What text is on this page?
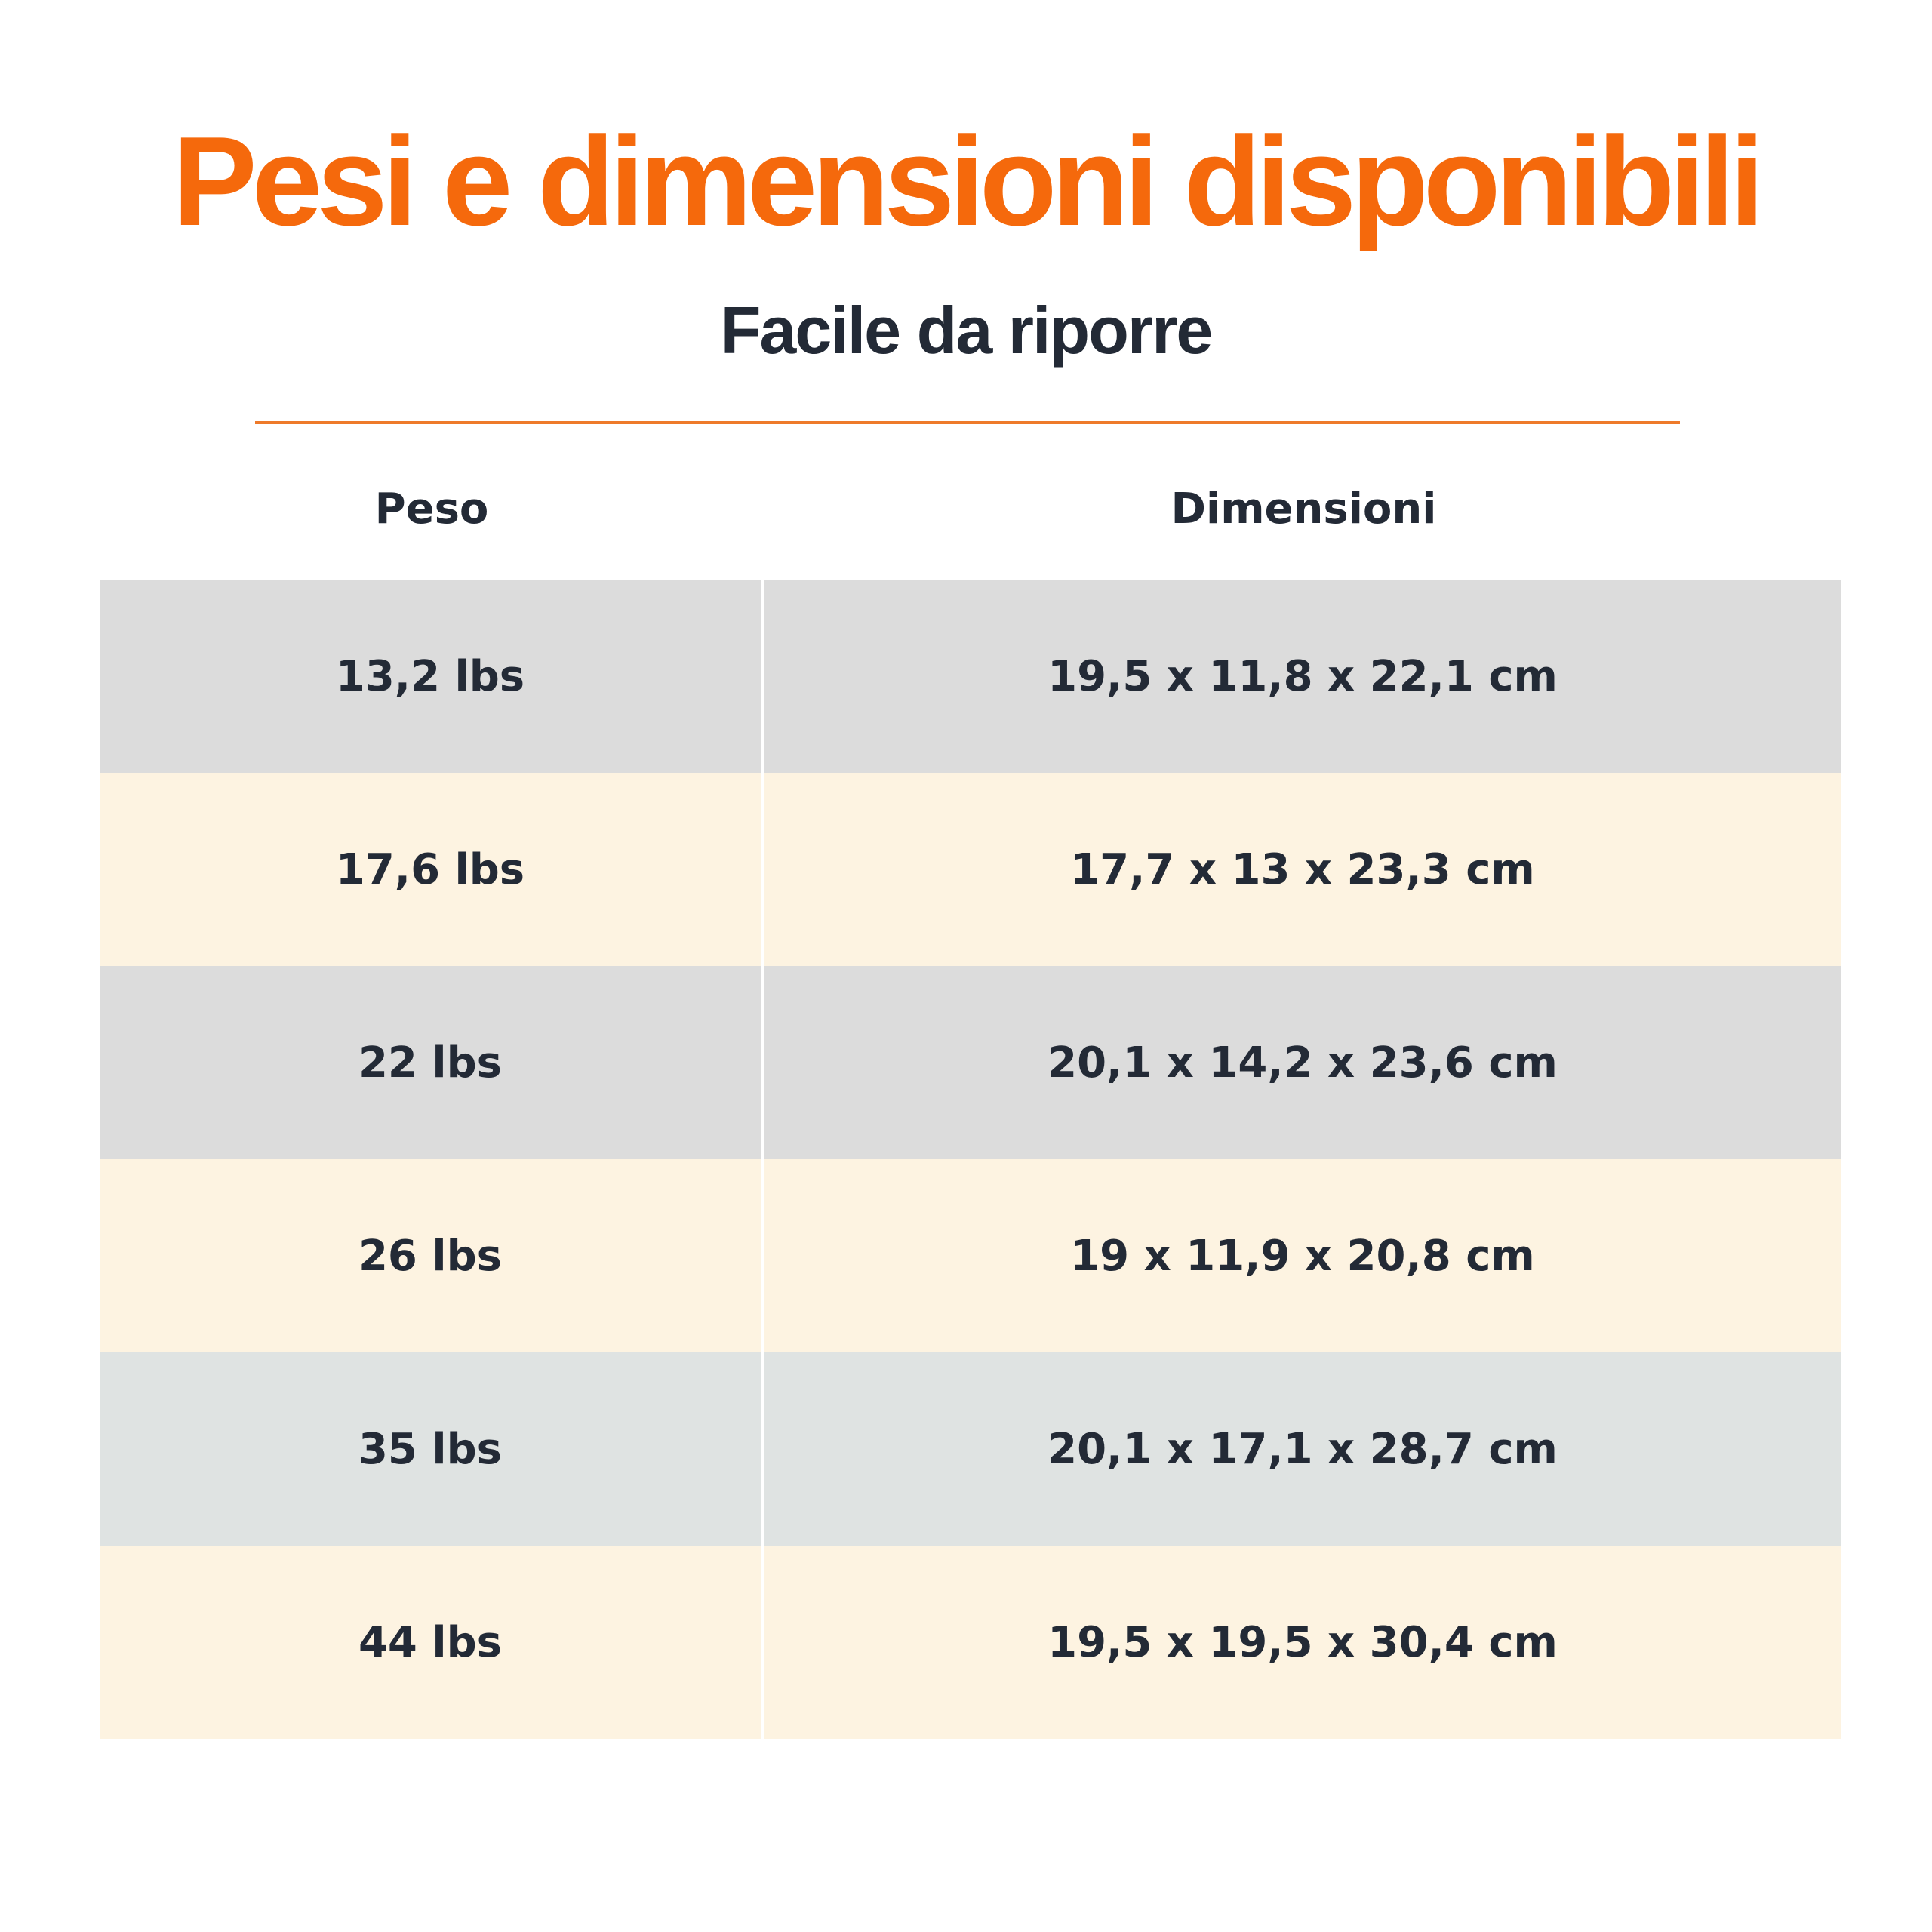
Pesi e dimensioni disponibili
Facile da riporre
Peso	Dimensioni
13,2 lbs	19,5 x 11,8 x 22,1 cm
17,6 lbs	17,7 x 13 x 23,3 cm
22 lbs	20,1 x 14,2 x 23,6 cm
26 lbs	19 x 11,9 x 20,8 cm
35 lbs	20,1 x 17,1 x 28,7 cm
44 lbs	19,5 x 19,5 x 30,4 cm
